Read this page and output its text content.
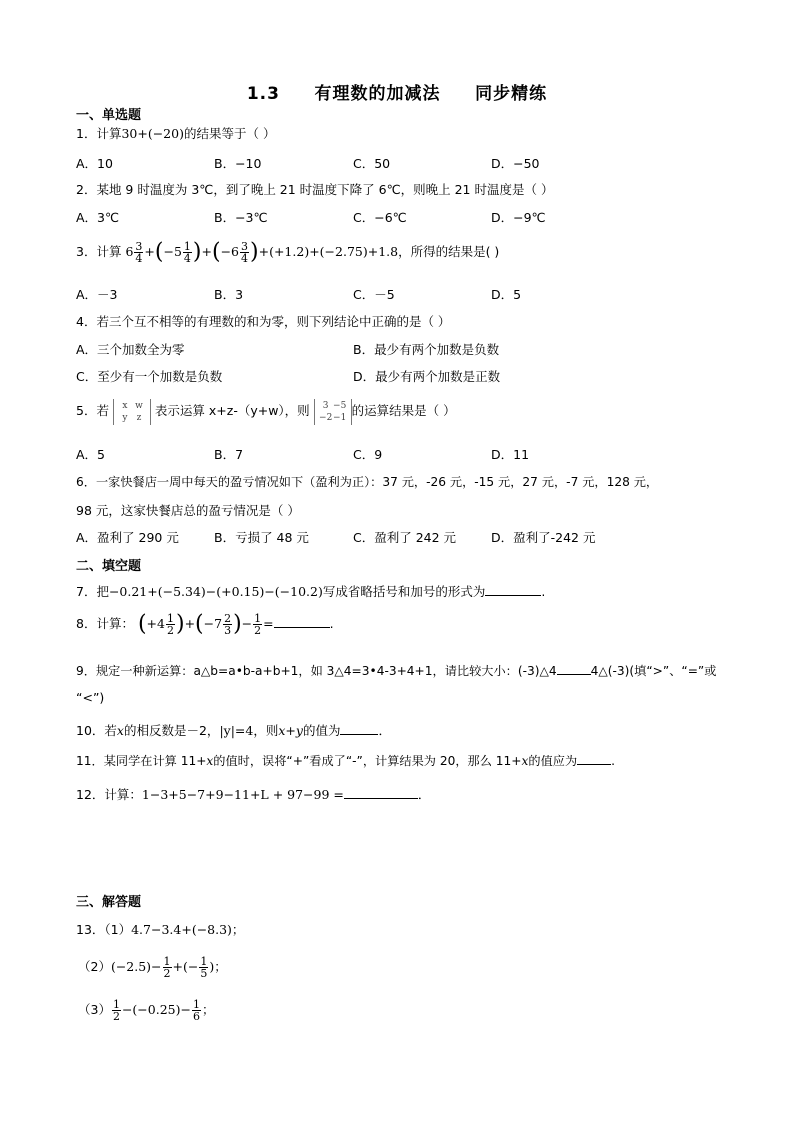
1.3     有理数的加减法     同步精练
一、单选题
1．计算30+(−20)的结果等于（ ）
A．10	B．−10	C．50	D．−50
2．某地 9 时温度为 3℃，到了晚上 21 时温度下降了 6℃，则晚上 21 时温度是（ ）
A．3℃	B．−3℃	C．−6℃	D．−9℃
3．计算 $6 \frac{3}{4} +(-5 \frac{1}{4} )+(-6 \frac{3}{4} )+(+1.2)+(-2.75)+1.8$，所得的结果是( )
A．－3	B．3	C．－5	D．5
4．若三个互不相等的有理数的和为零，则下列结论中正确的是（ ）
A．三个加数全为零	B．最少有两个加数是负数
C．至少有一个加数是负数	D．最少有两个加数是正数
5．若 x w
y z 表示运算 x+z-（y+w），则 3 −5
−2−1 的运算结果是（ ）
A．5	B．7	C．9	D．11
6．一家快餐店一周中每天的盈亏情况如下（盈利为正）：37 元，-26 元，-15 元，27 元，-7 元，128 元，
98 元，这家快餐店总的盈亏情况是（ ）
A．盈利了 290 元	B．亏损了 48 元	C．盈利了 242 元	D．盈利了-242 元
二、填空题
7．把−0.21+(−5.34)−(+0.15)−(−10.2)写成省略括号和加号的形式为	.
8．计算： $(+4 \frac{1}{2} )+(-7 \frac{2}{3}$ )− $\frac{1}{2}$ =	.
9．规定一种新运算：a△b=a•b-a+b+1，如 3△4=3•4-3+4+1，请比较大小：(-3)△4	4△(-3)(填“>”、“=”或
“<”)
10．若x的相反数是－2，|y|=4，则x+y的值为	．
11．某同学在计算 11+x的值时，误将“+”看成了“-”，计算结果为 20，那么 11+x的值应为	.
12．计算：1−3+5−7+9−11+L + 97−99 =	．
三、解答题
13．（1）4.7−3.4+(−8.3)；
$(2)(-2.5)- \frac{1}{2}$ +(− $\frac{1}{5}$ )；
$(3) \frac{1}{2} -(-0.25)- \frac{1}{6}$ ；
